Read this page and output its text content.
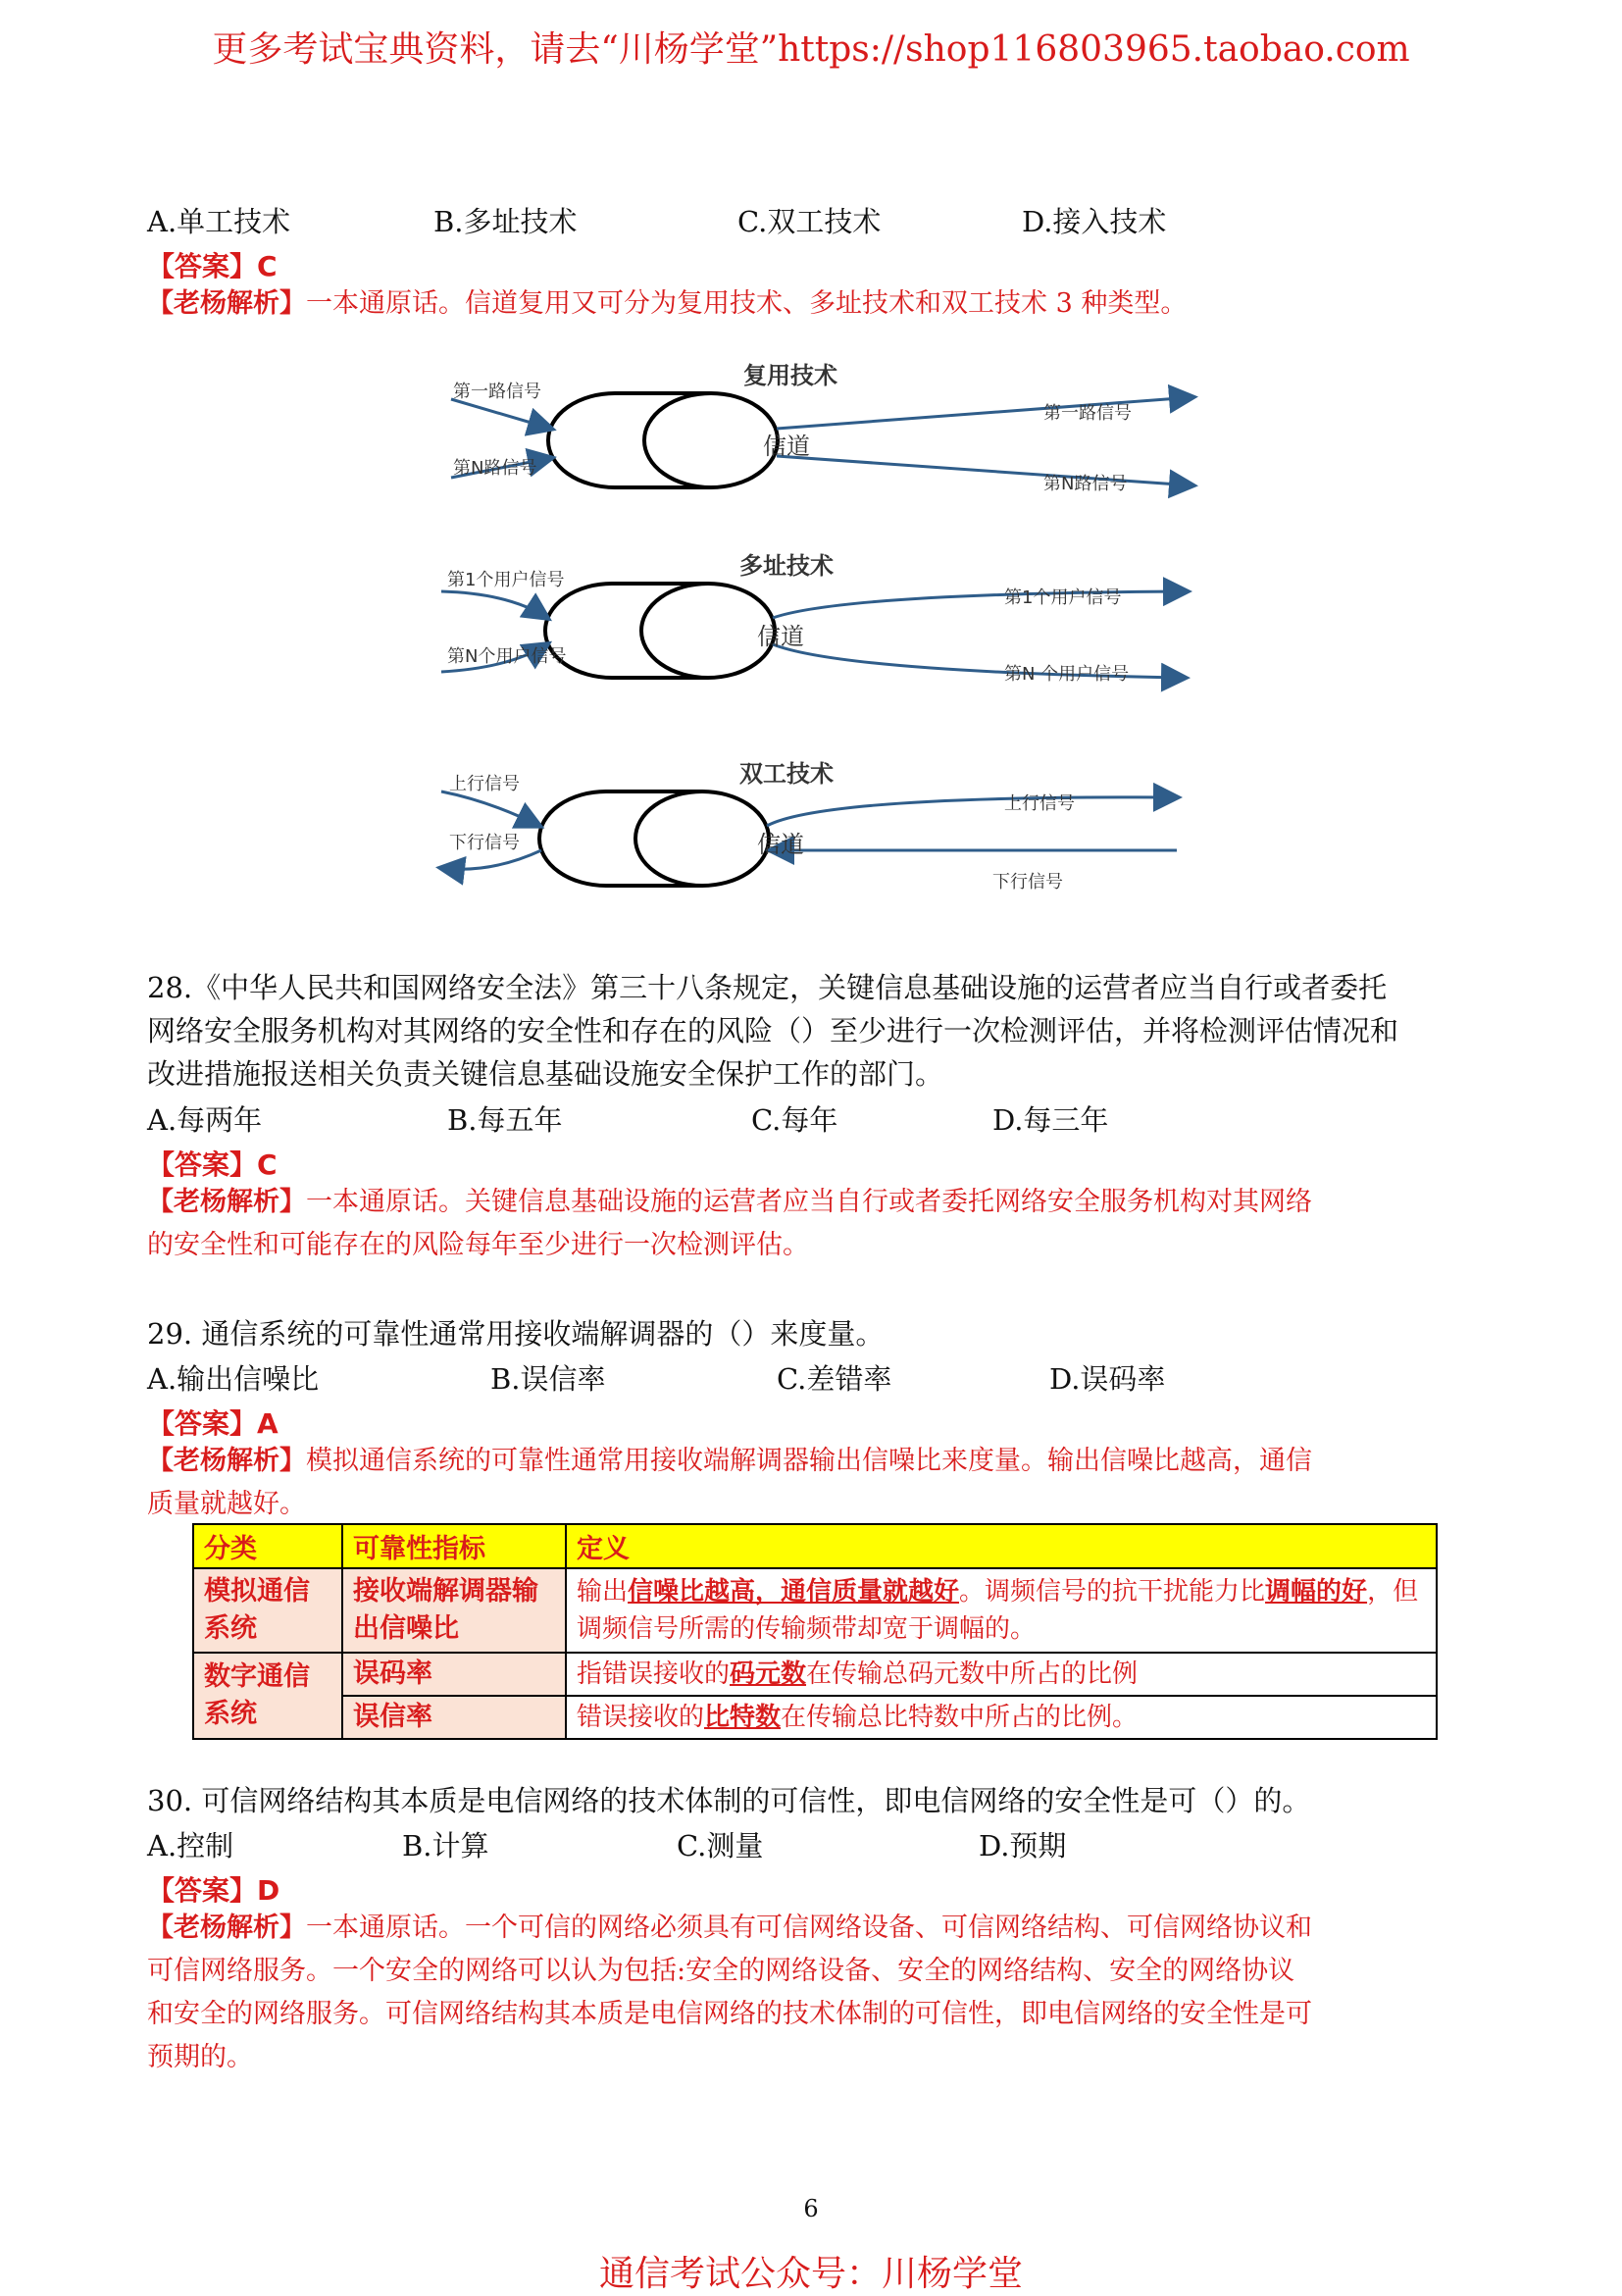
更多考试宝典资料，请去“川杨学堂”https://shop116803965.taobao.com
A.单工技术	B.多址技术	C.双工技术	D.接入技术
【答案】C
【老杨解析】一本通原话。信道复用又可分为复用技术、多址技术和双工技术 3 种类型。
复用技术
信道
第一路信号
第N路信号
第一路信号
第N路信号
多址技术
信道
第1个用户信号
第N个用户信号
第1个用户信号
第N 个用户信号
双工技术
信道
上行信号
下行信号
上行信号
下行信号
28.《中华人民共和国网络安全法》第三十八条规定，关键信息基础设施的运营者应当自行或者委托
网络安全服务机构对其网络的安全性和存在的风险（）至少进行一次检测评估，并将检测评估情况和
改进措施报送相关负责关键信息基础设施安全保护工作的部门。
A.每两年	B.每五年	C.每年	D.每三年
【答案】C
【老杨解析】一本通原话。关键信息基础设施的运营者应当自行或者委托网络安全服务机构对其网络
的安全性和可能存在的风险每年至少进行一次检测评估。
29. 通信系统的可靠性通常用接收端解调器的（）来度量。
A.输出信噪比	B.误信率	C.差错率	D.误码率
【答案】A
【老杨解析】模拟通信系统的可靠性通常用接收端解调器输出信噪比来度量。输出信噪比越高，通信
质量就越好。
分类	可靠性指标	定义
模拟通信系统	接收端解调器输出信噪比	输出信噪比越高，通信质量就越好。调频信号的抗干扰能力比调幅的好，但调频信号所需的传输频带却宽于调幅的。
数字通信系统	误码率	指错误接收的码元数在传输总码元数中所占的比例
	误信率	错误接收的比特数在传输总比特数中所占的比例。
30. 可信网络结构其本质是电信网络的技术体制的可信性，即电信网络的安全性是可（）的。
A.控制	B.计算	C.测量	D.预期
【答案】D
【老杨解析】一本通原话。一个可信的网络必须具有可信网络设备、可信网络结构、可信网络协议和
可信网络服务。一个安全的网络可以认为包括:安全的网络设备、安全的网络结构、安全的网络协议
和安全的网络服务。可信网络结构其本质是电信网络的技术体制的可信性，即电信网络的安全性是可
预期的。
6
通信考试公众号：川杨学堂
